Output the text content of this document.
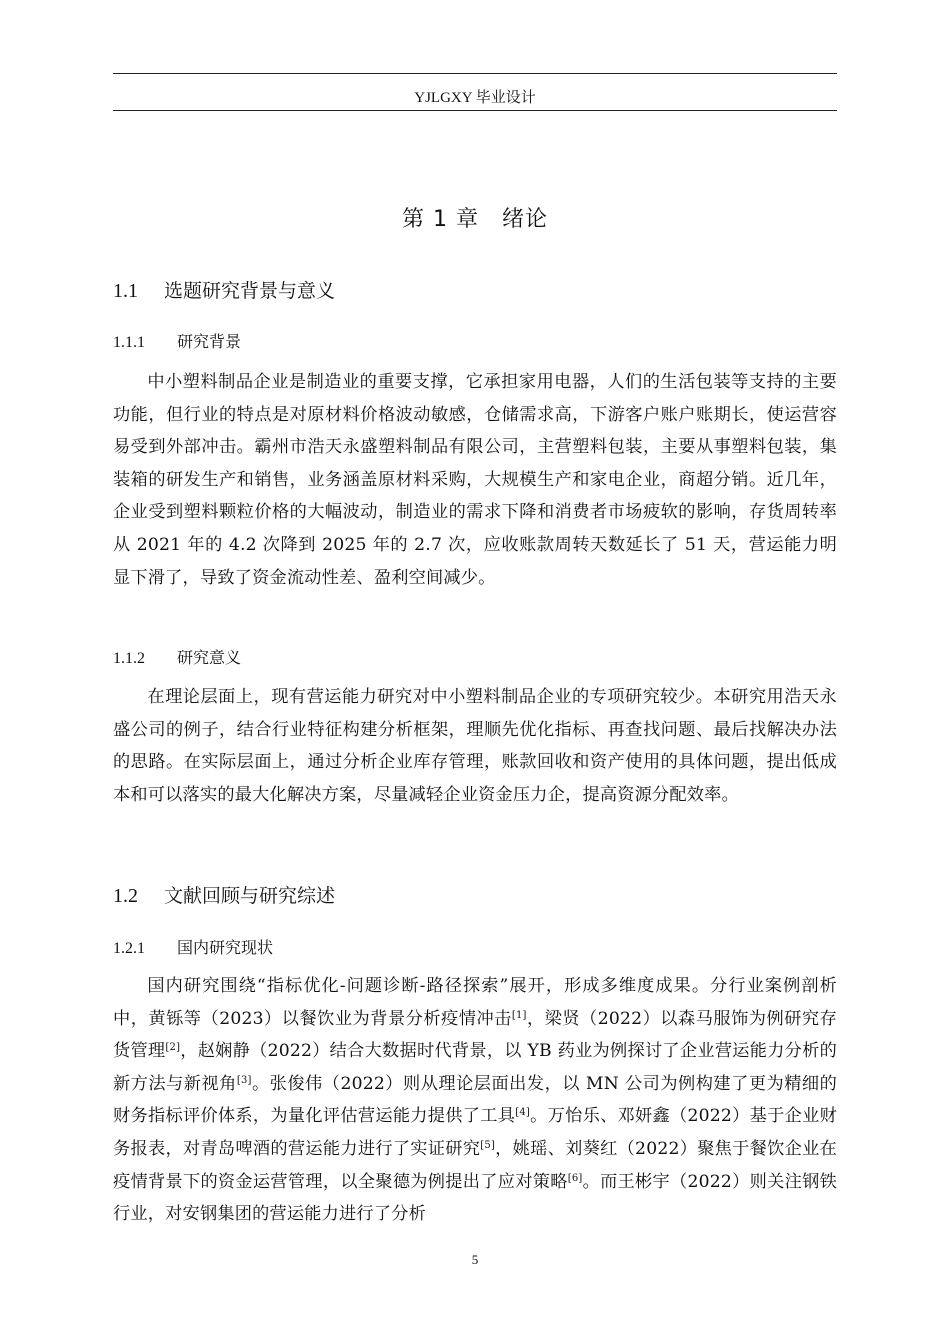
YJLGXY 毕业设计
第 1 章　绪论
1.1 选题研究背景与意义
1.1.1 研究背景

中小塑料制品企业是制造业的重要支撑，它承担家用电器，人们的生活包装等支持的主要功能，但行业的特点是对原材料价格波动敏感，仓储需求高，下游客户账户账期长，使运营容易受到外部冲击。霸州市浩天永盛塑料制品有限公司，主营塑料包装，主要从事塑料包装，集装箱的研发生产和销售，业务涵盖原材料采购，大规模生产和家电企业，商超分销。近几年，企业受到塑料颗粒价格的大幅波动，制造业的需求下降和消费者市场疲软的影响，存货周转率从 2021 年的 4.2 次降到 2025 年的 2.7 次，应收账款周转天数延长了 51 天，营运能力明显下滑了，导致了资金流动性差、盈利空间减少。

1.1.2 研究意义

在理论层面上，现有营运能力研究对中小塑料制品企业的专项研究较少。本研究用浩天永盛公司的例子，结合行业特征构建分析框架，理顺先优化指标、再查找问题、最后找解决办法的思路。在实际层面上，通过分析企业库存管理，账款回收和资产使用的具体问题，提出低成本和可以落实的最大化解决方案，尽量减轻企业资金压力企，提高资源分配效率。

1.2 文献回顾与研究综述
1.2.1 国内研究现状

国内研究围绕“指标优化-问题诊断-路径探索”展开，形成多维度成果。分行业案例剖析中，黄铄等（2023）以餐饮业为背景分析疫情冲击[1]，梁贤（2022）以森马服饰为例研究存货管理[2]，赵娴静（2022）结合大数据时代背景，以 YB 药业为例探讨了企业营运能力分析的新方法与新视角[3]。张俊伟（2022）则从理论层面出发，以 MN 公司为例构建了更为精细的财务指标评价体系，为量化评估营运能力提供了工具[4]。万怡乐、邓妍鑫（2022）基于企业财务报表，对青岛啤酒的营运能力进行了实证研究[5]，姚瑶、刘葵红（2022）聚焦于餐饮企业在疫情背景下的资金运营管理，以全聚德为例提出了应对策略[6]。而王彬宇（2022）则关注钢铁行业，对安钢集团的营运能力进行了分析

5
